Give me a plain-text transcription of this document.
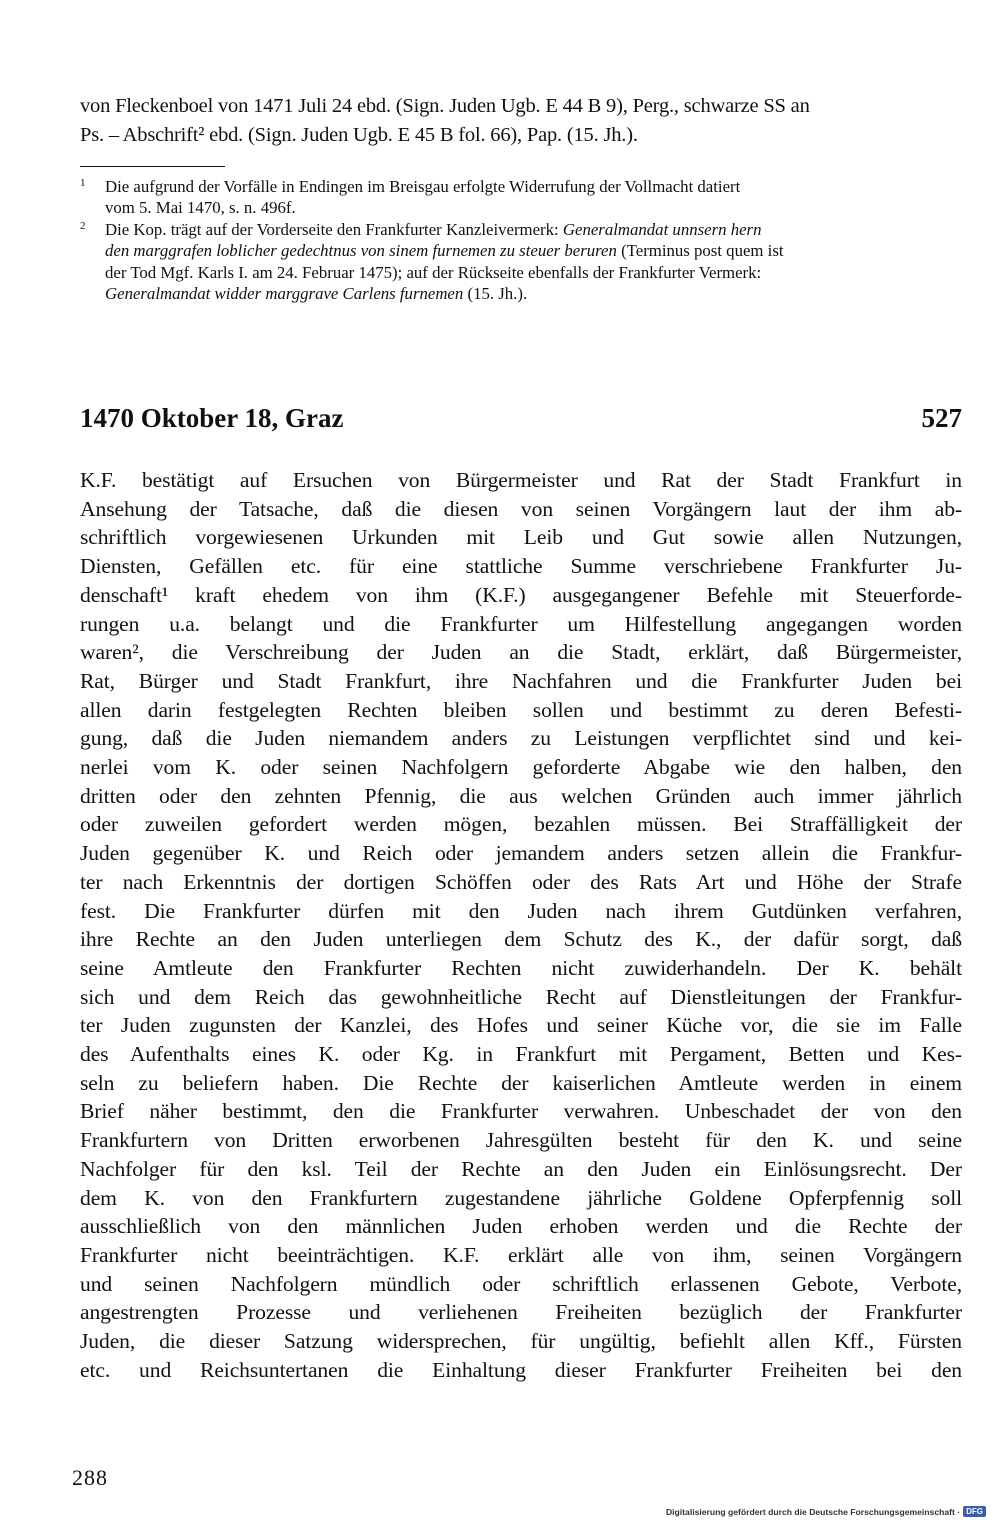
von Fleckenboel von 1471 Juli 24 ebd. (Sign. Juden Ugb. E 44 B 9), Perg., schwarze SS an
Ps. – Abschrift² ebd. (Sign. Juden Ugb. E 45 B fol. 66), Pap. (15. Jh.).
1 Die aufgrund der Vorfälle in Endingen im Breisgau erfolgte Widerrufung der Vollmacht datiert
vom 5. Mai 1470, s. n. 496f.
2 Die Kop. trägt auf der Vorderseite den Frankfurter Kanzleivermerk: Generalmandat unnsern hern
den marggrafen loblicher gedechtnus von sinem furnemen zu steuer beruren (Terminus post quem ist
der Tod Mgf. Karls I. am 24. Februar 1475); auf der Rückseite ebenfalls der Frankfurter Vermerk:
Generalmandat widder marggrave Carlens furnemen (15. Jh.).
1470 Oktober 18, Graz	527
K.F. bestätigt auf Ersuchen von Bürgermeister und Rat der Stadt Frankfurt in
Ansehung der Tatsache, daß die diesen von seinen Vorgängern laut der ihm ab-
schriftlich vorgewiesenen Urkunden mit Leib und Gut sowie allen Nutzungen,
Diensten, Gefällen etc. für eine stattliche Summe verschriebene Frankfurter Ju-
denschaft¹ kraft ehedem von ihm (K.F.) ausgegangener Befehle mit Steuerforde-
rungen u.a. belangt und die Frankfurter um Hilfestellung angegangen worden
waren², die Verschreibung der Juden an die Stadt, erklärt, daß Bürgermeister,
Rat, Bürger und Stadt Frankfurt, ihre Nachfahren und die Frankfurter Juden bei
allen darin festgelegten Rechten bleiben sollen und bestimmt zu deren Befesti-
gung, daß die Juden niemandem anders zu Leistungen verpflichtet sind und kei-
nerlei vom K. oder seinen Nachfolgern geforderte Abgabe wie den halben, den
dritten oder den zehnten Pfennig, die aus welchen Gründen auch immer jährlich
oder zuweilen gefordert werden mögen, bezahlen müssen. Bei Straffälligkeit der
Juden gegenüber K. und Reich oder jemandem anders setzen allein die Frankfur-
ter nach Erkenntnis der dortigen Schöffen oder des Rats Art und Höhe der Strafe
fest. Die Frankfurter dürfen mit den Juden nach ihrem Gutdünken verfahren,
ihre Rechte an den Juden unterliegen dem Schutz des K., der dafür sorgt, daß
seine Amtleute den Frankfurter Rechten nicht zuwiderhandeln. Der K. behält
sich und dem Reich das gewohnheitliche Recht auf Dienstleitungen der Frankfur-
ter Juden zugunsten der Kanzlei, des Hofes und seiner Küche vor, die sie im Falle
des Aufenthalts eines K. oder Kg. in Frankfurt mit Pergament, Betten und Kes-
seln zu beliefern haben. Die Rechte der kaiserlichen Amtleute werden in einem
Brief näher bestimmt, den die Frankfurter verwahren. Unbeschadet der von den
Frankfurtern von Dritten erworbenen Jahresgülten besteht für den K. und seine
Nachfolger für den ksl. Teil der Rechte an den Juden ein Einlösungsrecht. Der
dem K. von den Frankfurtern zugestandene jährliche Goldene Opferpfennig soll
ausschließlich von den männlichen Juden erhoben werden und die Rechte der
Frankfurter nicht beeinträchtigen. K.F. erklärt alle von ihm, seinen Vorgängern
und seinen Nachfolgern mündlich oder schriftlich erlassenen Gebote, Verbote,
angestrengten Prozesse und verliehenen Freiheiten bezüglich der Frankfurter
Juden, die dieser Satzung widersprechen, für ungültig, befiehlt allen Kff., Fürsten
etc. und Reichsuntertanen die Einhaltung dieser Frankfurter Freiheiten bei den
288
Digitalisierung gefördert durch die Deutsche Forschungsgemeinschaft · DFG
